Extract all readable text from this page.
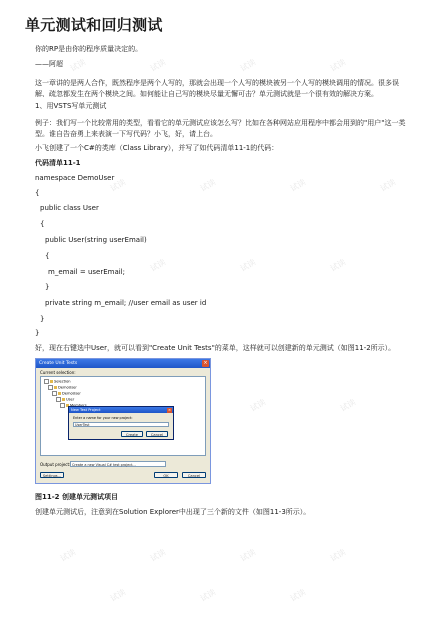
单元测试和回归测试
你的RP是由你的程序质量决定的。
——阿超
这一章讲的是两人合作，既然程序是两个人写的，那就会出现一个人写的模块被另一个人写的模块调用的情况。很多误解、疏忽都发生在两个模块之间。如何能让自己写的模块尽量无懈可击？单元测试就是一个很有效的解决方案。
1、用VSTS写单元测试
例子：我们写一个比较常用的类型，看看它的单元测试应该怎么写？比如在各种网站应用程序中都会用到的"用户"这一类型。谁自告奋勇上来表演一下写代码？小飞，好，请上台。
小飞创建了一个C#的类库（Class Library），并写了如代码清单11-1的代码：
代码清单11-1
namespace DemoUser
{
public class User
{
public User(string userEmail)
{
m_email = userEmail;
}
private string m_email; //user email as user id
}
}
好，现在右键选中User，就可以看到"Create Unit Tests"的菜单，这样就可以创建新的单元测试（如图11-2所示）。
Create Unit Tests	×
Current selection:
Selection
DemoUser
DemoUser
User
New Test Project	×
Enter a name for your new project:
UserTest
Create	Cancel
Output project: Create a new Visual C# test project...
Settings...	OK	Cancel
图11-2 创建单元测试项目
创建单元测试后，注意到在Solution Explorer中出现了三个新的文件（如图11-3所示）。
试读	试读	试读	试读
试读	试读	试读	试读
试读	试读	试读
试读	试读
试读	试读	试读	试读
试读	试读	试读
